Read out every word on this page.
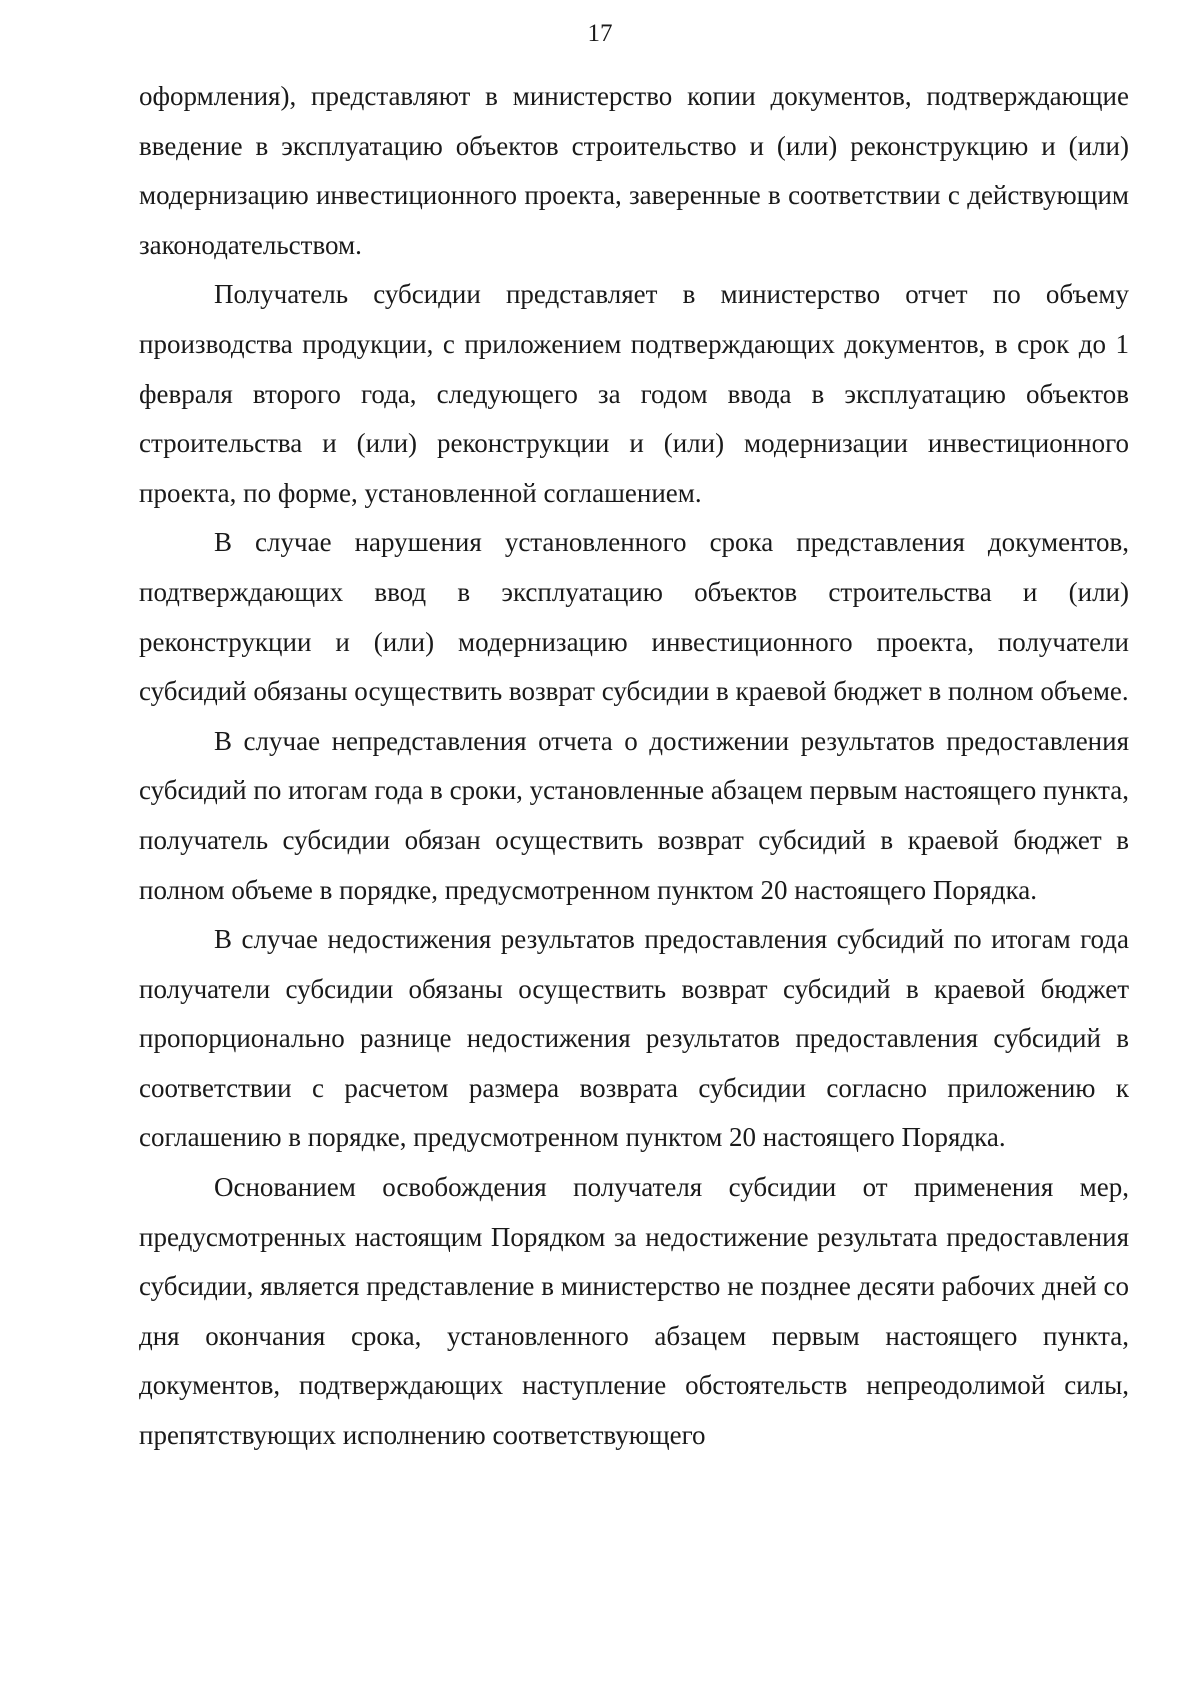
17

оформления), представляют в министерство копии документов, подтверждающие введение в эксплуатацию объектов строительство и (или) реконструкцию и (или) модернизацию инвестиционного проекта, заверенные в соответствии с действующим законодательством.

Получатель субсидии представляет в министерство отчет по объему производства продукции, с приложением подтверждающих документов, в срок до 1 февраля второго года, следующего за годом ввода в эксплуатацию объектов строительства и (или) реконструкции и (или) модернизации инвестиционного проекта, по форме, установленной соглашением.

В случае нарушения установленного срока представления документов, подтверждающих ввод в эксплуатацию объектов строительства и (или) реконструкции и (или) модернизацию инвестиционного проекта, получатели субсидий обязаны осуществить возврат субсидии в краевой бюджет в полном объеме.

В случае непредставления отчета о достижении результатов предоставления субсидий по итогам года в сроки, установленные абзацем первым настоящего пункта, получатель субсидии обязан осуществить возврат субсидий в краевой бюджет в полном объеме в порядке, предусмотренном пунктом 20 настоящего Порядка.

В случае недостижения результатов предоставления субсидий по итогам года получатели субсидии обязаны осуществить возврат субсидий в краевой бюджет пропорционально разнице недостижения результатов предоставления субсидий в соответствии с расчетом размера возврата субсидии согласно приложению к соглашению в порядке, предусмотренном пунктом 20 настоящего Порядка.

Основанием освобождения получателя субсидии от применения мер, предусмотренных настоящим Порядком за недостижение результата предоставления субсидии, является представление в министерство не позднее десяти рабочих дней со дня окончания срока, установленного абзацем первым настоящего пункта, документов, подтверждающих наступление обстоятельств непреодолимой силы, препятствующих исполнению соответствующего
